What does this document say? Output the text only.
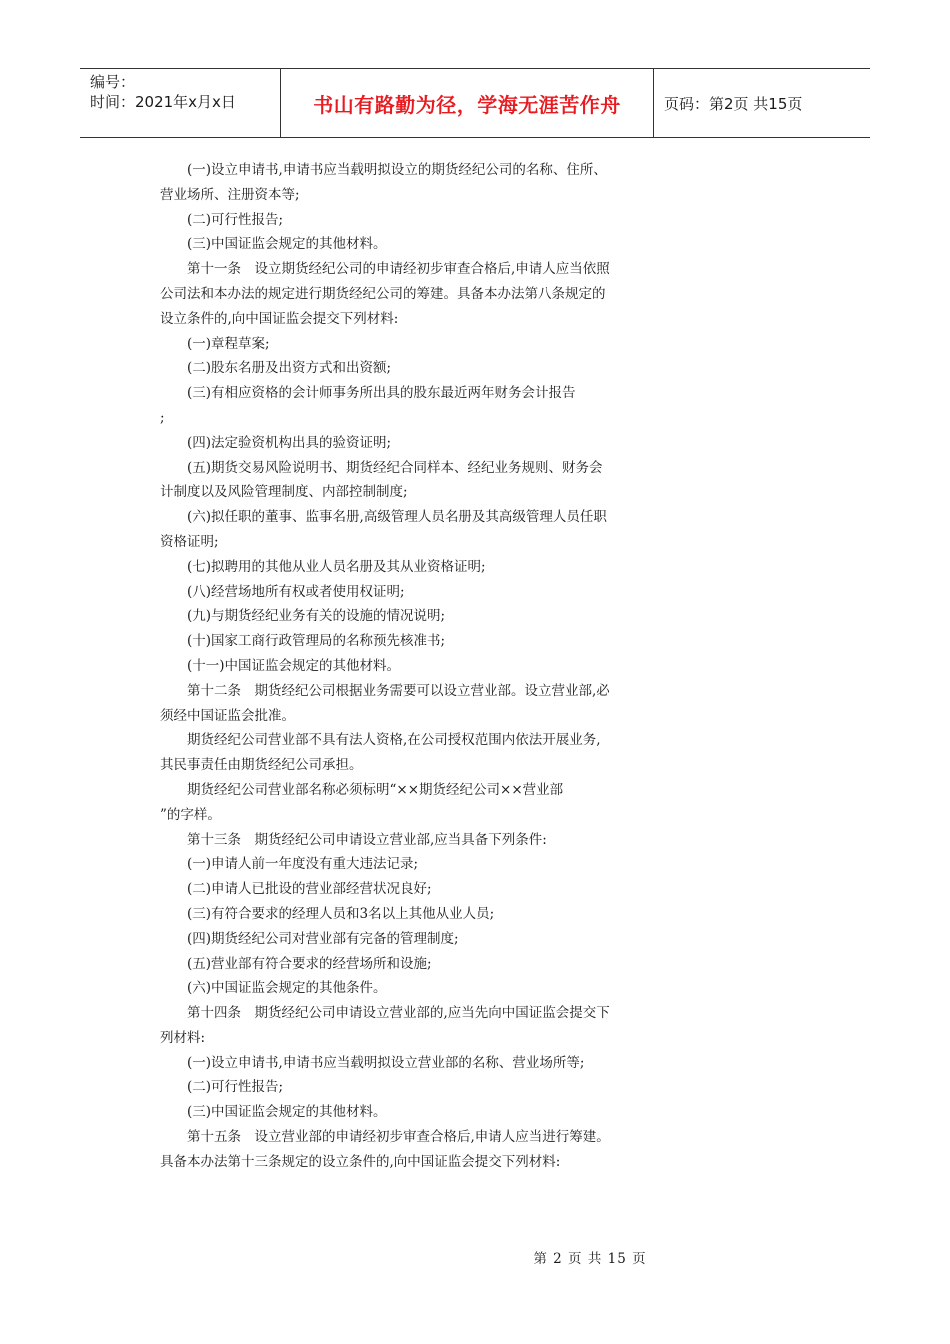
编号：
时间：2021年x月x日	书山有路勤为径，学海无涯苦作舟	页码：第2页 共15页

(一)设立申请书,申请书应当载明拟设立的期货经纪公司的名称、住所、营业场所、注册资本等;

(二)可行性报告;

(三)中国证监会规定的其他材料。

第十一条　设立期货经纪公司的申请经初步审查合格后,申请人应当依照公司法和本办法的规定进行期货经纪公司的筹建。具备本办法第八条规定的设立条件的,向中国证监会提交下列材料:

(一)章程草案;

(二)股东名册及出资方式和出资额;

(三)有相应资格的会计师事务所出具的股东最近两年财务会计报告

;

(四)法定验资机构出具的验资证明;

(五)期货交易风险说明书、期货经纪合同样本、经纪业务规则、财务会计制度以及风险管理制度、内部控制制度;

(六)拟任职的董事、监事名册,高级管理人员名册及其高级管理人员任职资格证明;

(七)拟聘用的其他从业人员名册及其从业资格证明;

(八)经营场地所有权或者使用权证明;

(九)与期货经纪业务有关的设施的情况说明;

(十)国家工商行政管理局的名称预先核准书;

(十一)中国证监会规定的其他材料。

第十二条　期货经纪公司根据业务需要可以设立营业部。设立营业部,必须经中国证监会批准。

期货经纪公司营业部不具有法人资格,在公司授权范围内依法开展业务,其民事责任由期货经纪公司承担。

期货经纪公司营业部名称必须标明“××期货经纪公司××营业部

”的字样。

第十三条　期货经纪公司申请设立营业部,应当具备下列条件:

(一)申请人前一年度没有重大违法记录;

(二)申请人已批设的营业部经营状况良好;

(三)有符合要求的经理人员和3名以上其他从业人员;

(四)期货经纪公司对营业部有完备的管理制度;

(五)营业部有符合要求的经营场所和设施;

(六)中国证监会规定的其他条件。

第十四条　期货经纪公司申请设立营业部的,应当先向中国证监会提交下列材料:

(一)设立申请书,申请书应当载明拟设立营业部的名称、营业场所等;

(二)可行性报告;

(三)中国证监会规定的其他材料。

第十五条　设立营业部的申请经初步审查合格后,申请人应当进行筹建。具备本办法第十三条规定的设立条件的,向中国证监会提交下列材料:

第 2 页 共 15 页
